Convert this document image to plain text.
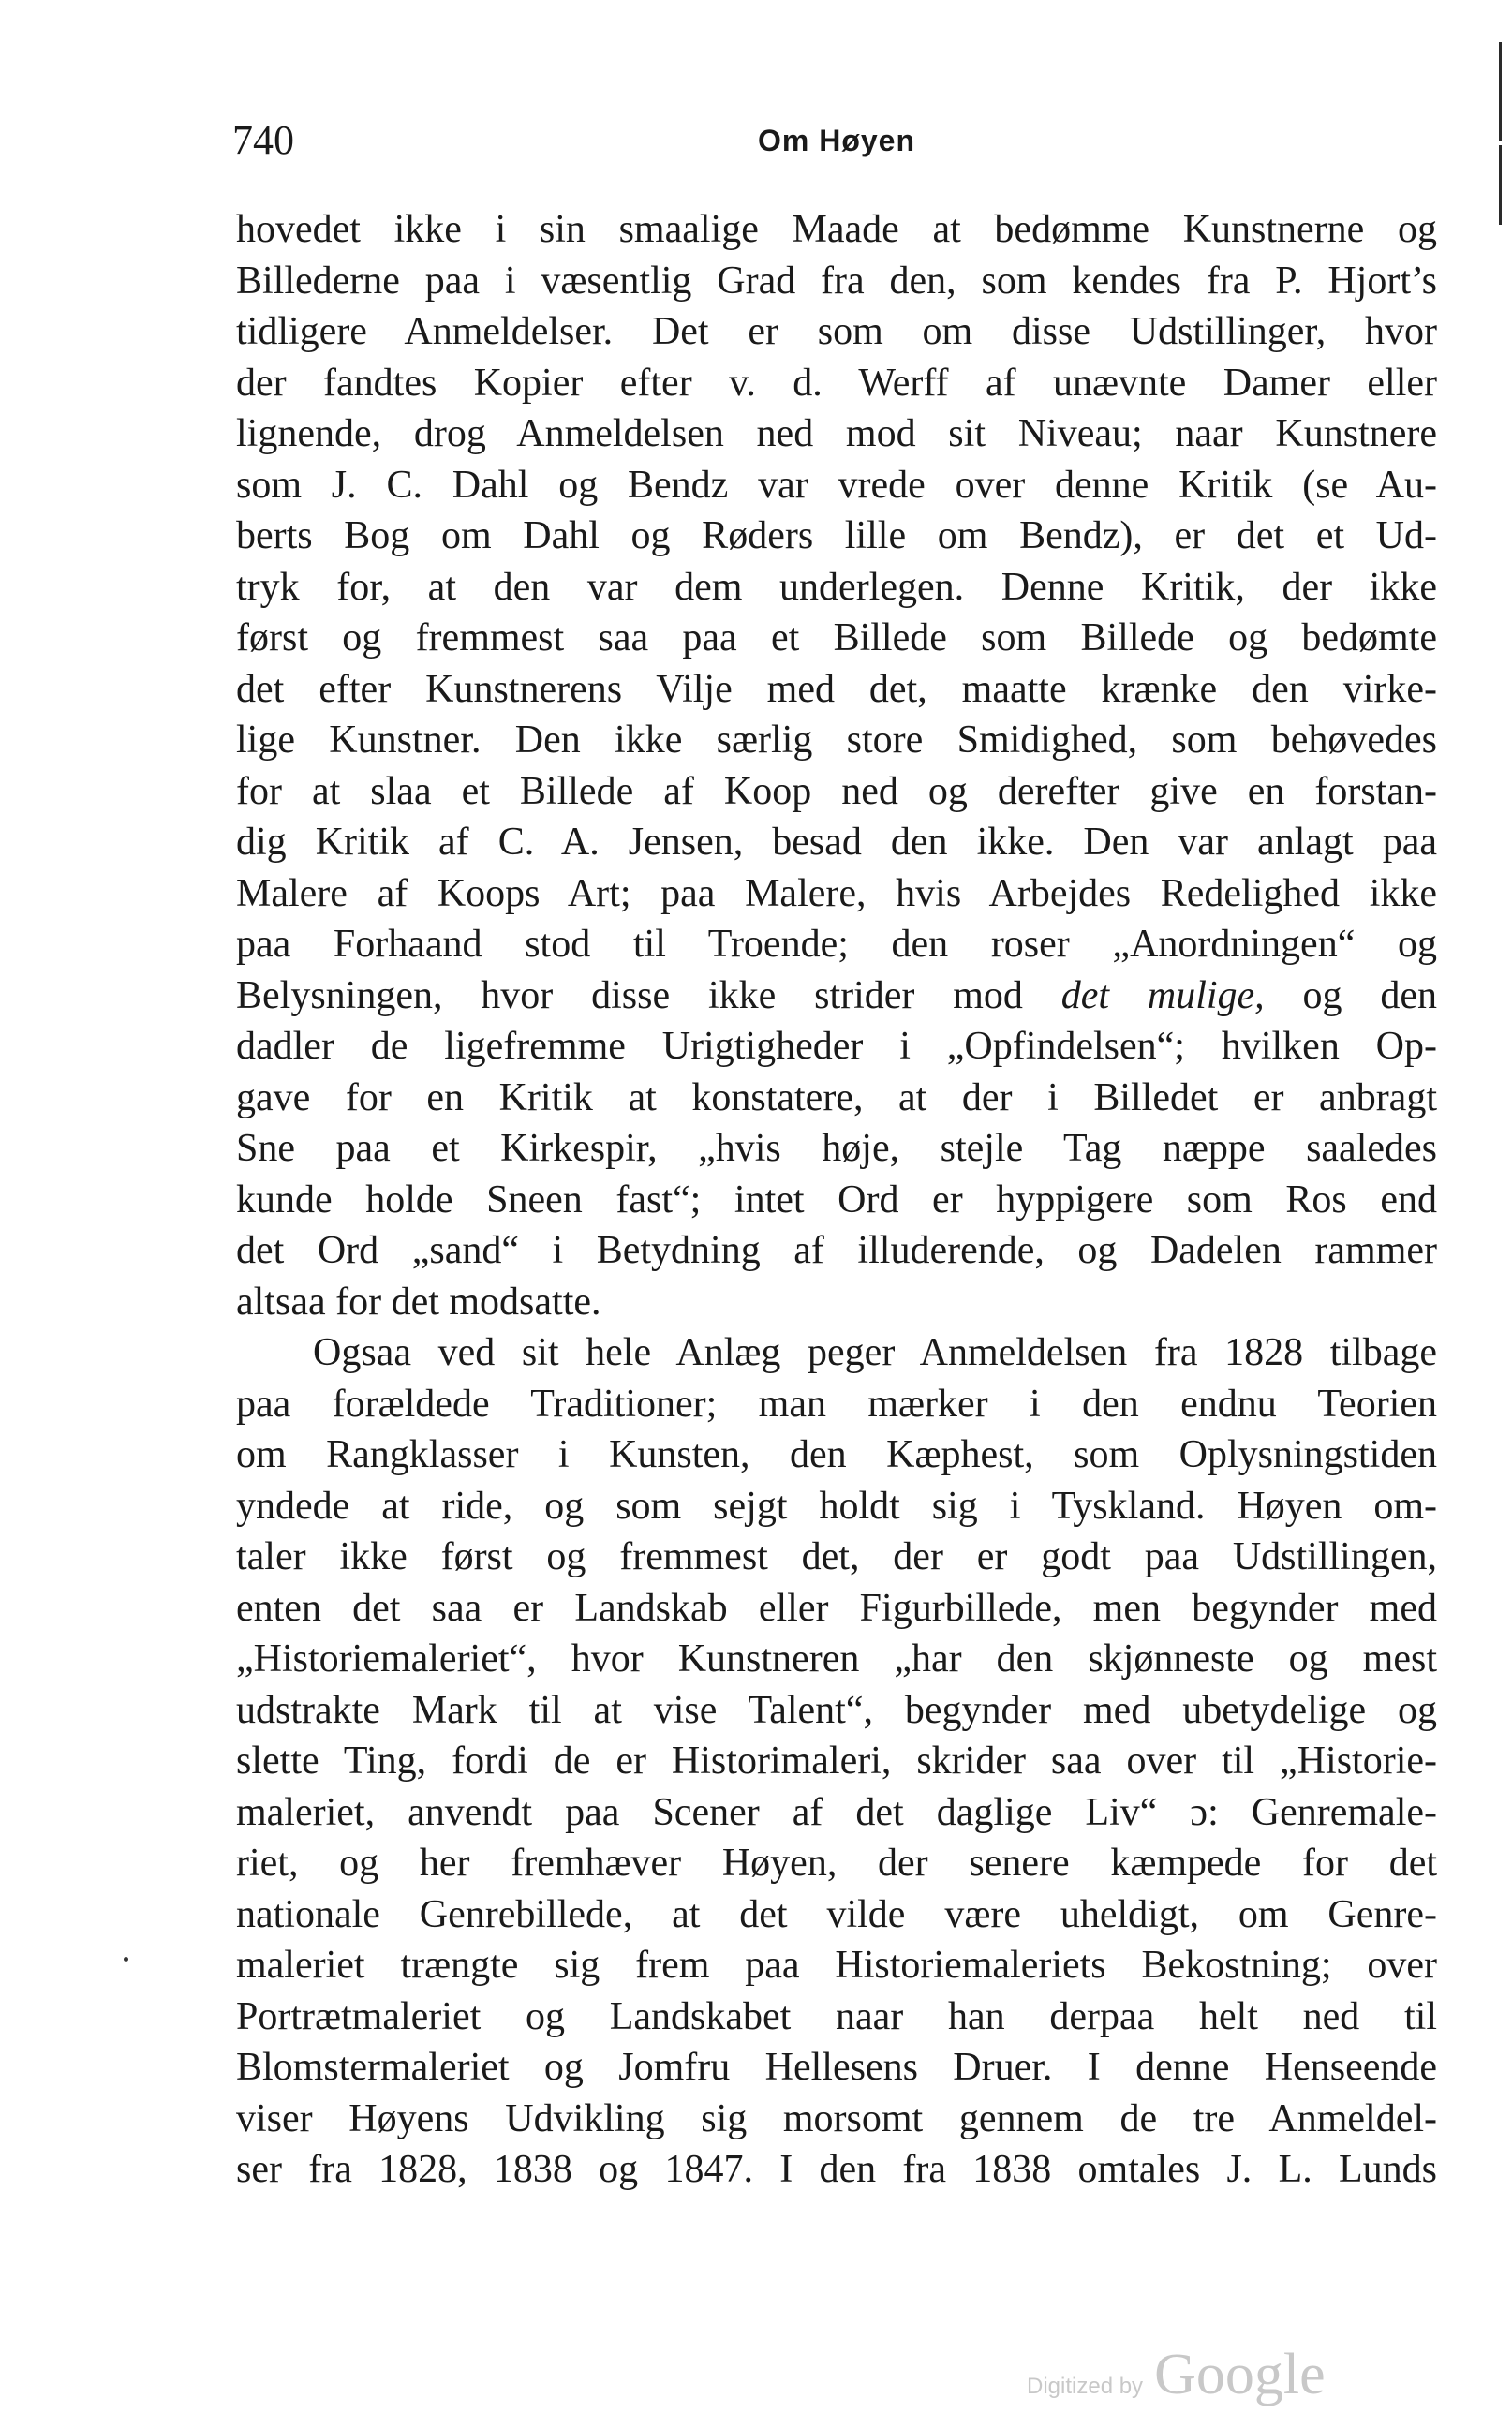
740	Om Høyen
hovedet ikke i sin smaalige Maade at bedømme Kunstnerne og
Billederne paa i væsentlig Grad fra den, som kendes fra P. Hjort’s
tidligere Anmeldelser. Det er som om disse Udstillinger, hvor
der fandtes Kopier efter v. d. Werff af unævnte Damer eller
lignende, drog Anmeldelsen ned mod sit Niveau; naar Kunstnere
som J. C. Dahl og Bendz var vrede over denne Kritik (se Au-
berts Bog om Dahl og Røders lille om Bendz), er det et Ud-
tryk for, at den var dem underlegen. Denne Kritik, der ikke
først og fremmest saa paa et Billede som Billede og bedømte
det efter Kunstnerens Vilje med det, maatte krænke den virke-
lige Kunstner. Den ikke særlig store Smidighed, som behøvedes
for at slaa et Billede af Koop ned og derefter give en forstan-
dig Kritik af C. A. Jensen, besad den ikke. Den var anlagt paa
Malere af Koops Art; paa Malere, hvis Arbejdes Redelighed ikke
paa Forhaand stod til Troende; den roser „Anordningen“ og
Belysningen, hvor disse ikke strider mod det mulige, og den
dadler de ligefremme Urigtigheder i „Opfindelsen“; hvilken Op-
gave for en Kritik at konstatere, at der i Billedet er anbragt
Sne paa et Kirkespir, „hvis høje, stejle Tag næppe saaledes
kunde holde Sneen fast“; intet Ord er hyppigere som Ros end
det Ord „sand“ i Betydning af illuderende, og Dadelen rammer
altsaa for det modsatte.
Ogsaa ved sit hele Anlæg peger Anmeldelsen fra 1828 tilbage
paa forældede Traditioner; man mærker i den endnu Teorien
om Rangklasser i Kunsten, den Kæphest, som Oplysningstiden
yndede at ride, og som sejgt holdt sig i Tyskland. Høyen om-
taler ikke først og fremmest det, der er godt paa Udstillingen,
enten det saa er Landskab eller Figurbillede, men begynder med
„Historiemaleriet“, hvor Kunstneren „har den skjønneste og mest
udstrakte Mark til at vise Talent“, begynder med ubetydelige og
slette Ting, fordi de er Historimaleri, skrider saa over til „Historie-
maleriet, anvendt paa Scener af det daglige Liv“ ɔ: Genremale-
riet, og her fremhæver Høyen, der senere kæmpede for det
nationale Genrebillede, at det vilde være uheldigt, om Genre-
maleriet trængte sig frem paa Historiemaleriets Bekostning; over
Portrætmaleriet og Landskabet naar han derpaa helt ned til
Blomstermaleriet og Jomfru Hellesens Druer. I denne Henseende
viser Høyens Udvikling sig morsomt gennem de tre Anmeldel-
ser fra 1828, 1838 og 1847. I den fra 1838 omtales J. L. Lunds
Digitized by Google
